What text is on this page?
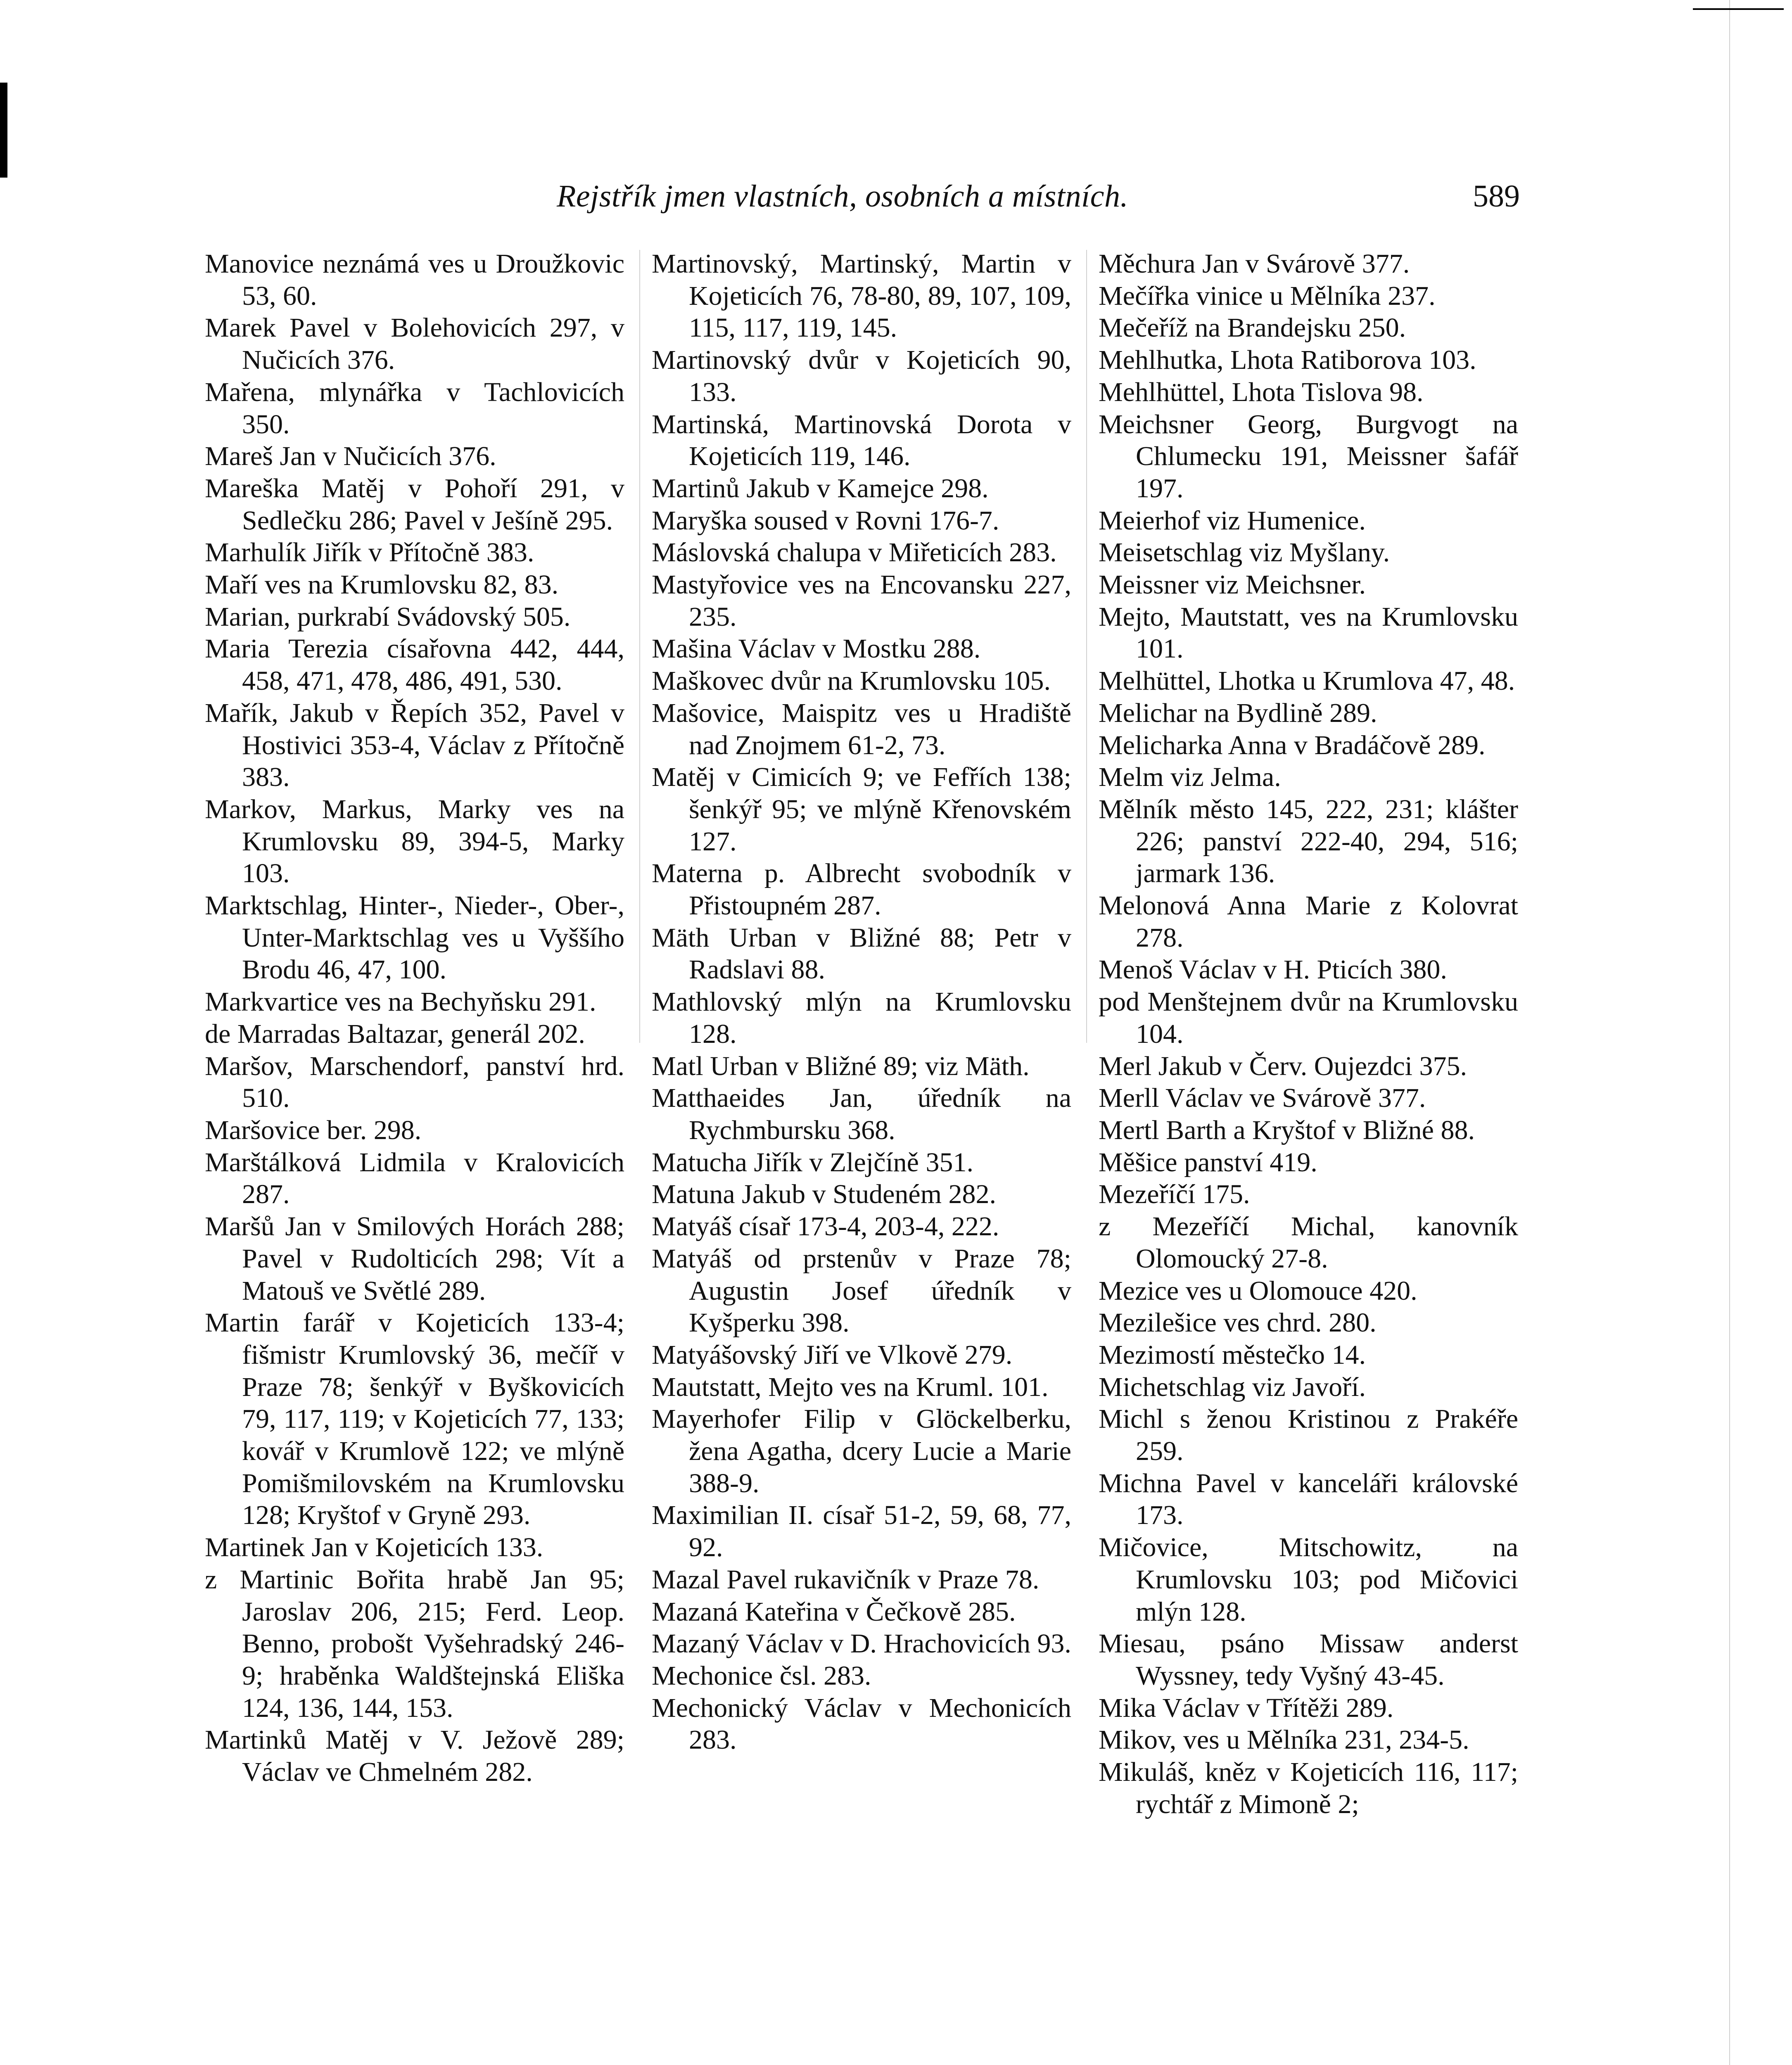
Rejstřík jmen vlastních, osobních a místních.	589

Manovice neznámá ves u Droužkovic 53, 60.

Marek Pavel v Bolehovicích 297, v Nučicích 376.

Mařena, mlynářka v Tachlovicích 350.

Mareš Jan v Nučicích 376.

Mareška Matěj v Pohoří 291, v Sedlečku 286; Pavel v Ješíně 295.

Marhulík Jiřík v Přítočně 383.

Maří ves na Krumlovsku 82, 83.

Marian, purkrabí Svádovský 505.

Maria Terezia císařovna 442, 444, 458, 471, 478, 486, 491, 530.

Mařík, Jakub v Řepích 352, Pavel v Hostivici 353-4, Václav z Přítočně 383.

Markov, Markus, Marky ves na Krumlovsku 89, 394-5, Marky 103.

Marktschlag, Hinter-, Nieder-, Ober-, Unter-Marktschlag ves u Vyššího Brodu 46, 47, 100.

Markvartice ves na Bechyňsku 291.

de Marradas Baltazar, generál 202.

Maršov, Marschendorf, panství hrd. 510.

Maršovice ber. 298.

Marštálková Lidmila v Kralovicích 287.

Maršů Jan v Smilových Horách 288; Pavel v Rudolticích 298; Vít a Matouš ve Světlé 289.

Martin farář v Kojeticích 133-4; fišmistr Krumlovský 36, mečíř v Praze 78; šenkýř v Byškovicích 79, 117, 119; v Kojeticích 77, 133; kovář v Krumlově 122; ve mlýně Pomišmilovském na Krumlovsku 128; Kryštof v Gryně 293.

Martinek Jan v Kojeticích 133.

z Martinic Bořita hrabě Jan 95; Jaroslav 206, 215; Ferd. Leop. Benno, probošt Vyšehradský 246-9; hraběnka Waldštejnská Eliška 124, 136, 144, 153.

Martinků Matěj v V. Ježově 289; Václav ve Chmelném 282.

Martinovský, Martinský, Martin v Kojeticích 76, 78-80, 89, 107, 109, 115, 117, 119, 145.

Martinovský dvůr v Kojeticích 90, 133.

Martinská, Martinovská Dorota v Kojeticích 119, 146.

Martinů Jakub v Kamejce 298.

Maryška soused v Rovni 176-7.

Máslovská chalupa v Miřeticích 283.

Mastyřovice ves na Encovansku 227, 235.

Mašina Václav v Mostku 288.

Maškovec dvůr na Krumlovsku 105.

Mašovice, Maispitz ves u Hradiště nad Znojmem 61-2, 73.

Matěj v Cimicích 9; ve Fefřích 138; šenkýř 95; ve mlýně Křenovském 127.

Materna p. Albrecht svobodník v Přistoupném 287.

Mäth Urban v Bližné 88; Petr v Radslavi 88.

Mathlovský mlýn na Krumlovsku 128.

Matl Urban v Bližné 89; viz Mäth.

Matthaeides Jan, úředník na Rychmbursku 368.

Matucha Jiřík v Zlejčíně 351.

Matuna Jakub v Studeném 282.

Matyáš císař 173-4, 203-4, 222.

Matyáš od prstenův v Praze 78; Augustin Josef úředník v Kyšperku 398.

Matyášovský Jiří ve Vlkově 279.

Mautstatt, Mejto ves na Kruml. 101.

Mayerhofer Filip v Glöckelberku, žena Agatha, dcery Lucie a Marie 388-9.

Maximilian II. císař 51-2, 59, 68, 77, 92.

Mazal Pavel rukavičník v Praze 78.

Mazaná Kateřina v Čečkově 285.

Mazaný Václav v D. Hrachovicích 93.

Mechonice čsl. 283.

Mechonický Václav v Mechonicích 283.

Měchura Jan v Svárově 377.

Mečířka vinice u Mělníka 237.

Mečeříž na Brandejsku 250.

Mehlhutka, Lhota Ratiborova 103.

Mehlhüttel, Lhota Tislova 98.

Meichsner Georg, Burgvogt na Chlumecku 191, Meissner šafář 197.

Meierhof viz Humenice.

Meisetschlag viz Myšlany.

Meissner viz Meichsner.

Mejto, Mautstatt, ves na Krumlovsku 101.

Melhüttel, Lhotka u Krumlova 47, 48.

Melichar na Bydlině 289.

Melicharka Anna v Bradáčově 289.

Melm viz Jelma.

Mělník město 145, 222, 231; klášter 226; panství 222-40, 294, 516; jarmark 136.

Melonová Anna Marie z Kolovrat 278.

Menoš Václav v H. Pticích 380.

pod Menštejnem dvůr na Krumlovsku 104.

Merl Jakub v Červ. Oujezdci 375.

Merll Václav ve Svárově 377.

Mertl Barth a Kryštof v Bližné 88.

Měšice panství 419.

Mezeříčí 175.

z Mezeříčí Michal, kanovník Olomoucký 27-8.

Mezice ves u Olomouce 420.

Mezilešice ves chrd. 280.

Mezimostí městečko 14.

Michetschlag viz Javoří.

Michl s ženou Kristinou z Prakéře 259.

Michna Pavel v kanceláři královské 173.

Mičovice, Mitschowitz, na Krumlovsku 103; pod Mičovici mlýn 128.

Miesau, psáno Missaw anderst Wyssney, tedy Vyšný 43-45.

Mika Václav v Třítěži 289.

Mikov, ves u Mělníka 231, 234-5.

Mikuláš, kněz v Kojeticích 116, 117; rychtář z Mimoně 2;
